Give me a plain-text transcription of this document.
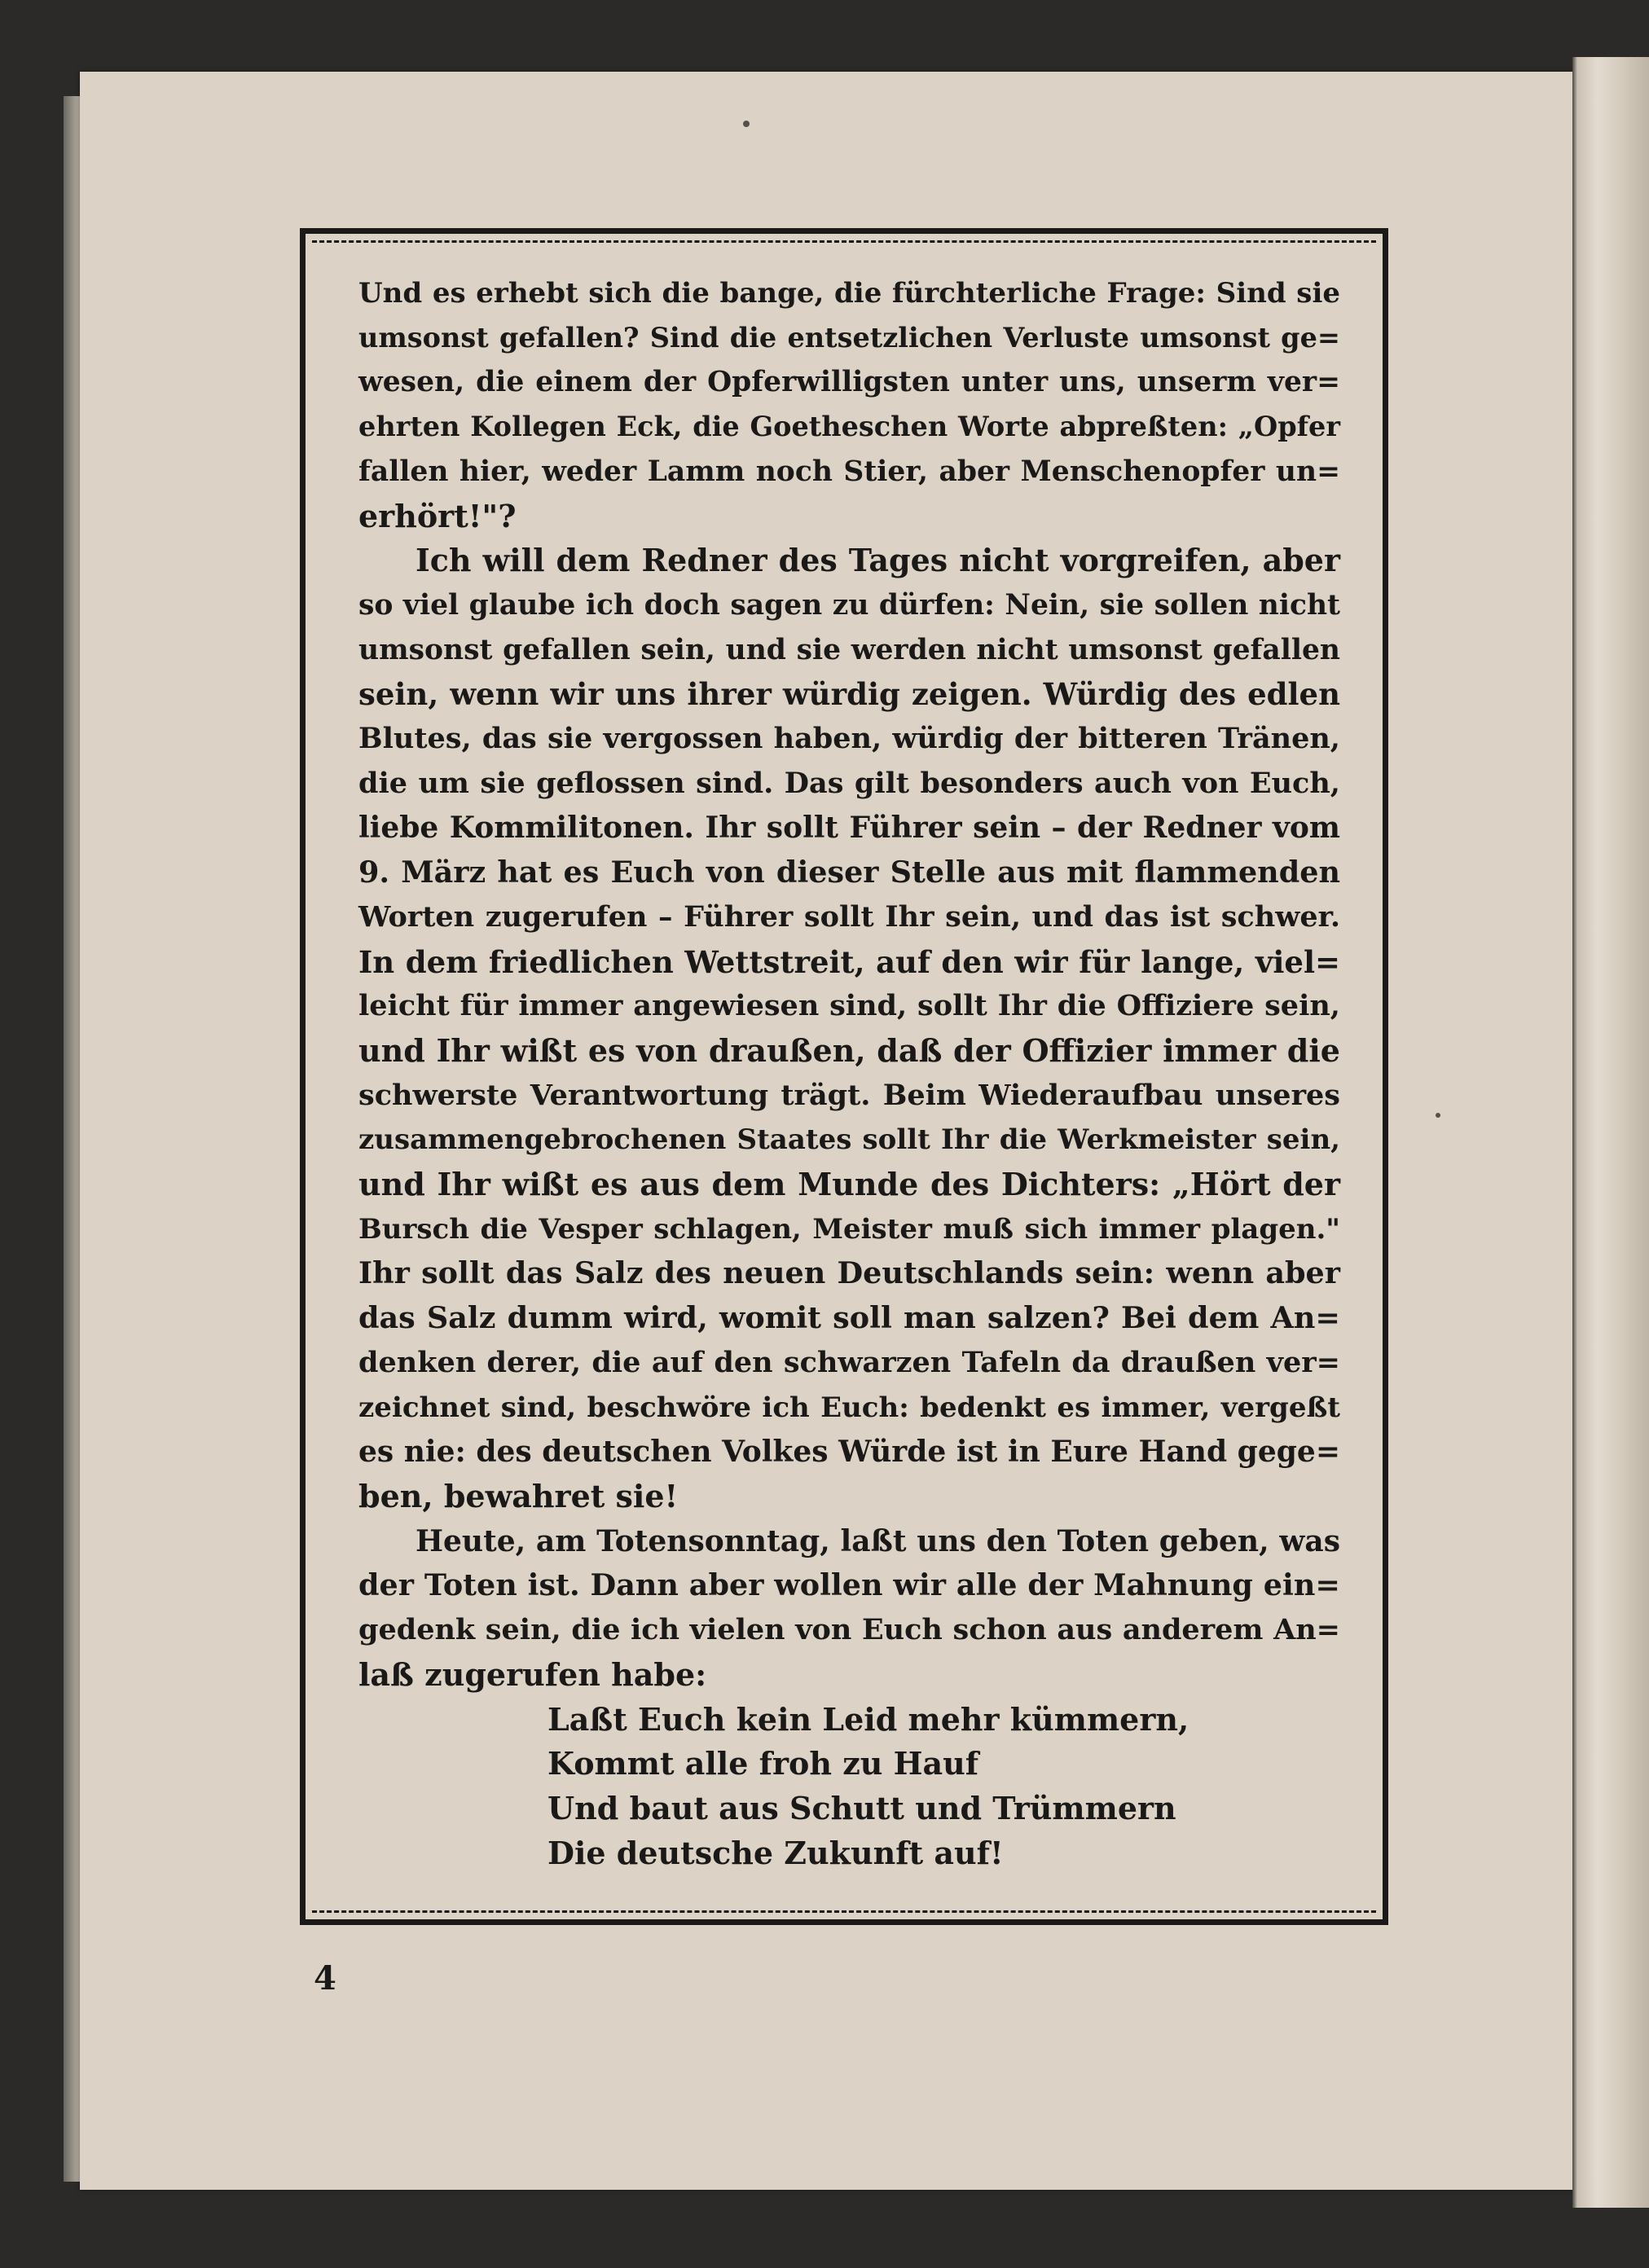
Und es erhebt sich die bange, die fürchterliche Frage: Sind sie
umsonst gefallen? Sind die entsetzlichen Verluste umsonst ge=
wesen, die einem der Opferwilligsten unter uns, unserm ver=
ehrten Kollegen Eck, die Goetheschen Worte abpreßten: „Opfer
fallen hier, weder Lamm noch Stier, aber Menschenopfer un=
erhört!"?
Ich will dem Redner des Tages nicht vorgreifen, aber
so viel glaube ich doch sagen zu dürfen: Nein, sie sollen nicht
umsonst gefallen sein, und sie werden nicht umsonst gefallen
sein, wenn wir uns ihrer würdig zeigen. Würdig des edlen
Blutes, das sie vergossen haben, würdig der bitteren Tränen,
die um sie geflossen sind. Das gilt besonders auch von Euch,
liebe Kommilitonen. Ihr sollt Führer sein – der Redner vom
9. März hat es Euch von dieser Stelle aus mit flammenden
Worten zugerufen – Führer sollt Ihr sein, und das ist schwer.
In dem friedlichen Wettstreit, auf den wir für lange, viel=
leicht für immer angewiesen sind, sollt Ihr die Offiziere sein,
und Ihr wißt es von draußen, daß der Offizier immer die
schwerste Verantwortung trägt. Beim Wiederaufbau unseres
zusammengebrochenen Staates sollt Ihr die Werkmeister sein,
und Ihr wißt es aus dem Munde des Dichters: „Hört der
Bursch die Vesper schlagen, Meister muß sich immer plagen."
Ihr sollt das Salz des neuen Deutschlands sein: wenn aber
das Salz dumm wird, womit soll man salzen? Bei dem An=
denken derer, die auf den schwarzen Tafeln da draußen ver=
zeichnet sind, beschwöre ich Euch: bedenkt es immer, vergeßt
es nie: des deutschen Volkes Würde ist in Eure Hand gege=
ben, bewahret sie!
Heute, am Totensonntag, laßt uns den Toten geben, was
der Toten ist. Dann aber wollen wir alle der Mahnung ein=
gedenk sein, die ich vielen von Euch schon aus anderem An=
laß zugerufen habe:
Laßt Euch kein Leid mehr kümmern,
Kommt alle froh zu Hauf
Und baut aus Schutt und Trümmern
Die deutsche Zukunft auf!
4
